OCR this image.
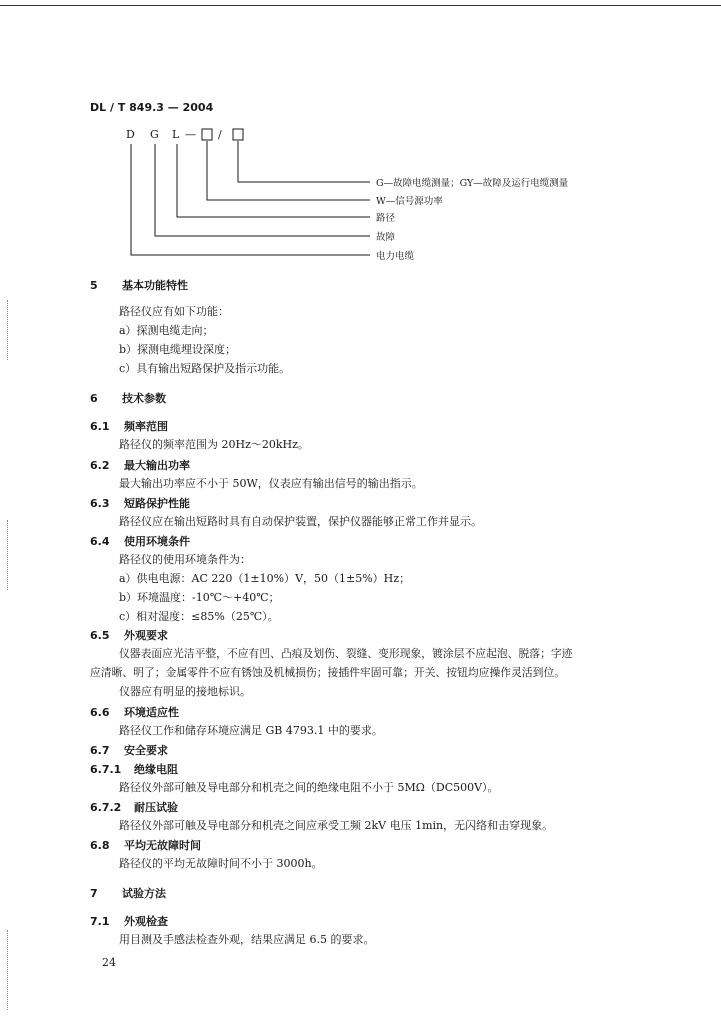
DL / T 849.3 — 2004
D G L — /
G—故障电缆测量；GY—故障及运行电缆测量
W—信号源功率
路径
故障
电力电缆
5 基本功能特性
路径仪应有如下功能：
a）探测电缆走向；
b）探测电缆埋设深度；
c）具有输出短路保护及指示功能。
6 技术参数
6.1 频率范围
路径仪的频率范围为 20Hz～20kHz。
6.2 最大输出功率
最大输出功率应不小于 50W，仪表应有输出信号的输出指示。
6.3 短路保护性能
路径仪应在输出短路时具有自动保护装置，保护仪器能够正常工作并显示。
6.4 使用环境条件
路径仪的使用环境条件为：
a）供电电源：AC 220（1±10%）V，50（1±5%）Hz；
b）环境温度：-10℃～+40℃；
c）相对湿度：≤85%（25℃）。
6.5 外观要求
仪器表面应光洁平整，不应有凹、凸痕及划伤、裂缝、变形现象，镀涂层不应起泡、脱落；字迹
应清晰、明了；金属零件不应有锈蚀及机械损伤；接插件牢固可靠；开关、按钮均应操作灵活到位。
仪器应有明显的接地标识。
6.6 环境适应性
路径仪工作和储存环境应满足 GB 4793.1 中的要求。
6.7 安全要求
6.7.1 绝缘电阻
路径仪外部可触及导电部分和机壳之间的绝缘电阻不小于 5MΩ（DC500V）。
6.7.2 耐压试验
路径仪外部可触及导电部分和机壳之间应承受工频 2kV 电压 1min，无闪络和击穿现象。
6.8 平均无故障时间
路径仪的平均无故障时间不小于 3000h。
7 试验方法
7.1 外观检查
用目测及手感法检查外观，结果应满足 6.5 的要求。
24
